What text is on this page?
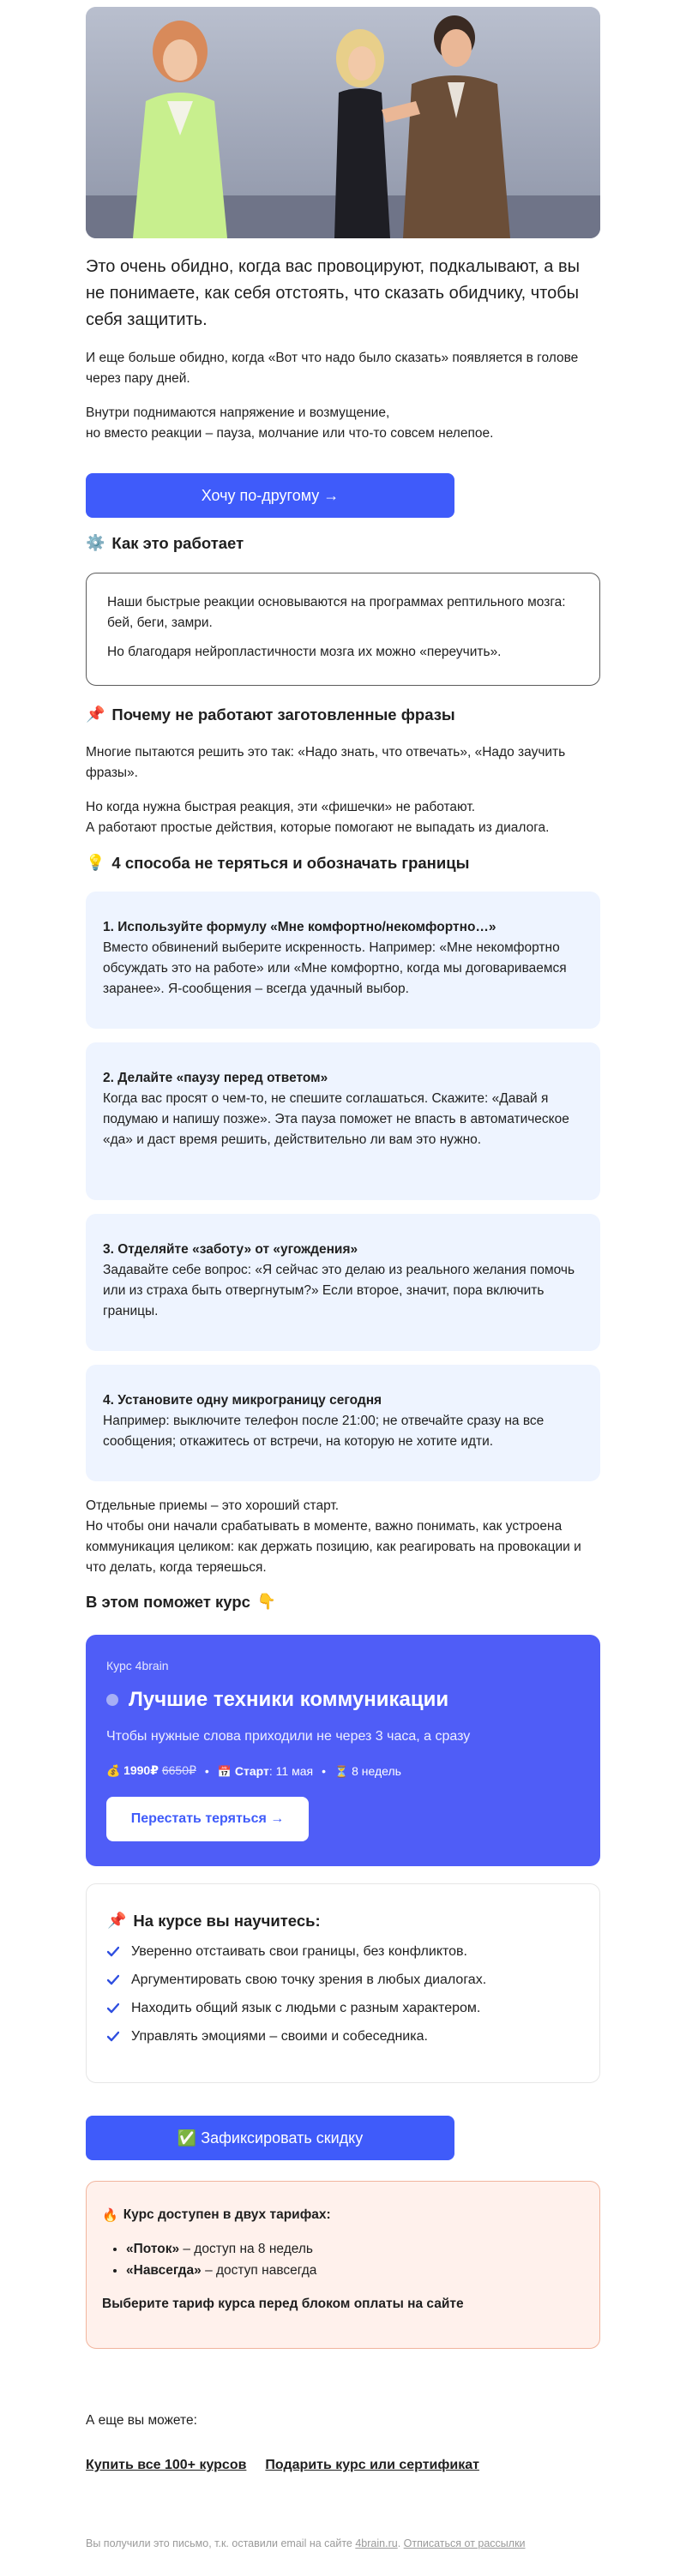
Это очень обидно, когда вас провоцируют, подкалывают, а вы не понимаете, как себя отстоять, что сказать обидчику, чтобы себя защитить.
И еще больше обидно, когда «Вот что надо было сказать» появляется в голове через пару дней.
Внутри поднимаются напряжение и возмущение,
но вместо реакции – пауза, молчание или что-то совсем нелепое.
Хочу по-другому →
⚙️ Как это работает
Наши быстрые реакции основываются на программах рептильного мозга: бей, беги, замри.
Но благодаря нейропластичности мозга их можно «переучить».
📌 Почему не работают заготовленные фразы
Многие пытаются решить это так: «Надо знать, что отвечать», «Надо заучить фразы».
Но когда нужна быстрая реакция, эти «фишечки» не работают.
А работают простые действия, которые помогают не выпадать из диалога.
💡 4 способа не теряться и обозначать границы
1. Используйте формулу «Мне комфортно/некомфортно…»
Вместо обвинений выберите искренность. Например: «Мне некомфортно обсуждать это на работе» или «Мне комфортно, когда мы договариваемся заранее». Я-сообщения – всегда удачный выбор.
2. Делайте «паузу перед ответом»
Когда вас просят о чем-то, не спешите соглашаться. Скажите: «Давай я подумаю и напишу позже». Эта пауза поможет не впасть в автоматическое «да» и даст время решить, действительно ли вам это нужно.
3. Отделяйте «заботу» от «угождения»
Задавайте себе вопрос: «Я сейчас это делаю из реального желания помочь или из страха быть отвергнутым?» Если второе, значит, пора включить границы.
4. Установите одну микрограницу сегодня
Например: выключите телефон после 21:00; не отвечайте сразу на все сообщения; откажитесь от встречи, на которую не хотите идти.
Отдельные приемы – это хороший старт.
Но чтобы они начали срабатывать в моменте, важно понимать, как устроена коммуникация целиком: как держать позицию, как реагировать на провокации и что делать, когда теряешься.
В этом поможет курс 👇
Курс 4brain
Лучшие техники коммуникации
Чтобы нужные слова приходили не через 3 часа, а сразу
💰 1990₽ 6650₽ • 📅 Старт: 11 мая • ⏳ 8 недель
Перестать теряться →
📌 На курсе вы научитесь:
Уверенно отстаивать свои границы, без конфликтов.
Аргументировать свою точку зрения в любых диалогах.
Находить общий язык с людьми с разным характером.
Управлять эмоциями – своими и собеседника.
✅ Зафиксировать скидку
🔥 Курс доступен в двух тарифах:
• «Поток» – доступ на 8 недель
• «Навсегда» – доступ навсегда
Выберите тариф курса перед блоком оплаты на сайте
А еще вы можете:
Купить все 100+ курсов Подарить курс или сертификат
Вы получили это письмо, т.к. оставили email на сайте 4brain.ru. Отписаться от рассылки
